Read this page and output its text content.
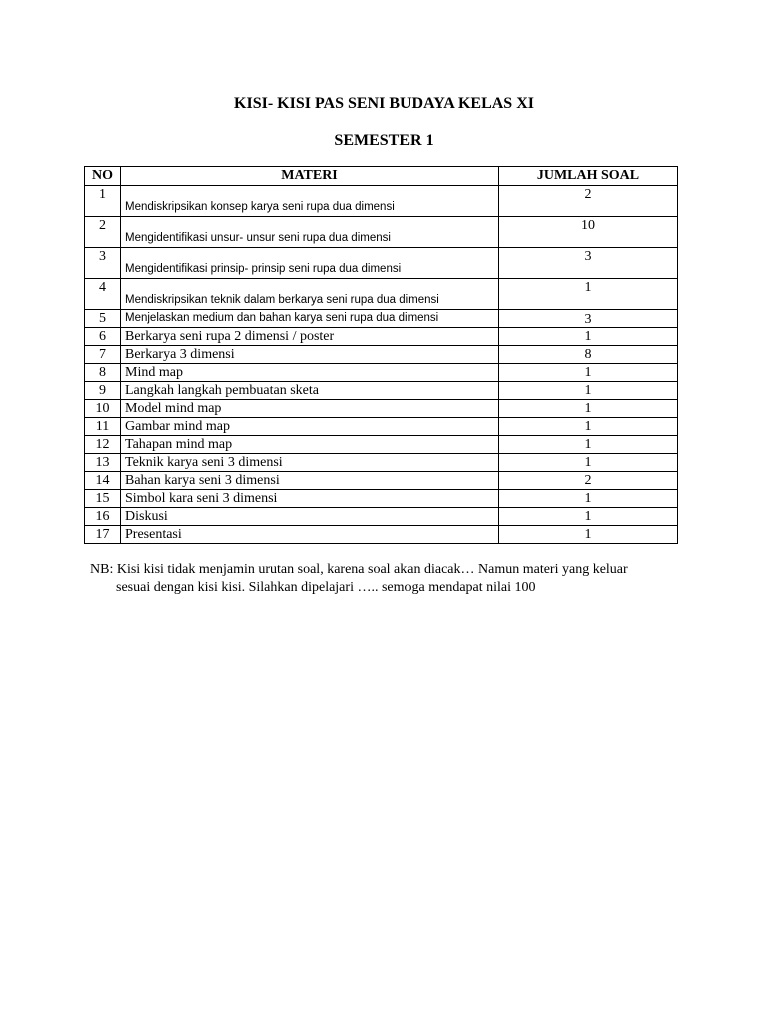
KISI- KISI PAS SENI BUDAYA KELAS XI
SEMESTER 1
NO	MATERI	JUMLAH SOAL
1	Mendiskripsikan konsep karya seni rupa dua dimensi	2
2	Mengidentifikasi unsur- unsur seni rupa dua dimensi	10
3	Mengidentifikasi prinsip- prinsip seni rupa dua dimensi	3
4	Mendiskripsikan teknik dalam berkarya seni rupa dua dimensi	1
5	Menjelaskan medium dan bahan karya seni rupa dua dimensi	3
6	Berkarya seni rupa 2 dimensi / poster	1
7	Berkarya 3 dimensi	8
8	Mind map	1
9	Langkah langkah pembuatan sketa	1
10	Model mind map	1
11	Gambar mind map	1
12	Tahapan mind map	1
13	Teknik karya seni 3 dimensi	1
14	Bahan karya seni 3 dimensi	2
15	Simbol kara seni 3 dimensi	1
16	Diskusi	1
17	Presentasi	1
NB: Kisi kisi tidak menjamin urutan soal, karena soal akan diacak… Namun materi yang keluar
sesuai dengan kisi kisi. Silahkan dipelajari ….. semoga mendapat nilai 100
